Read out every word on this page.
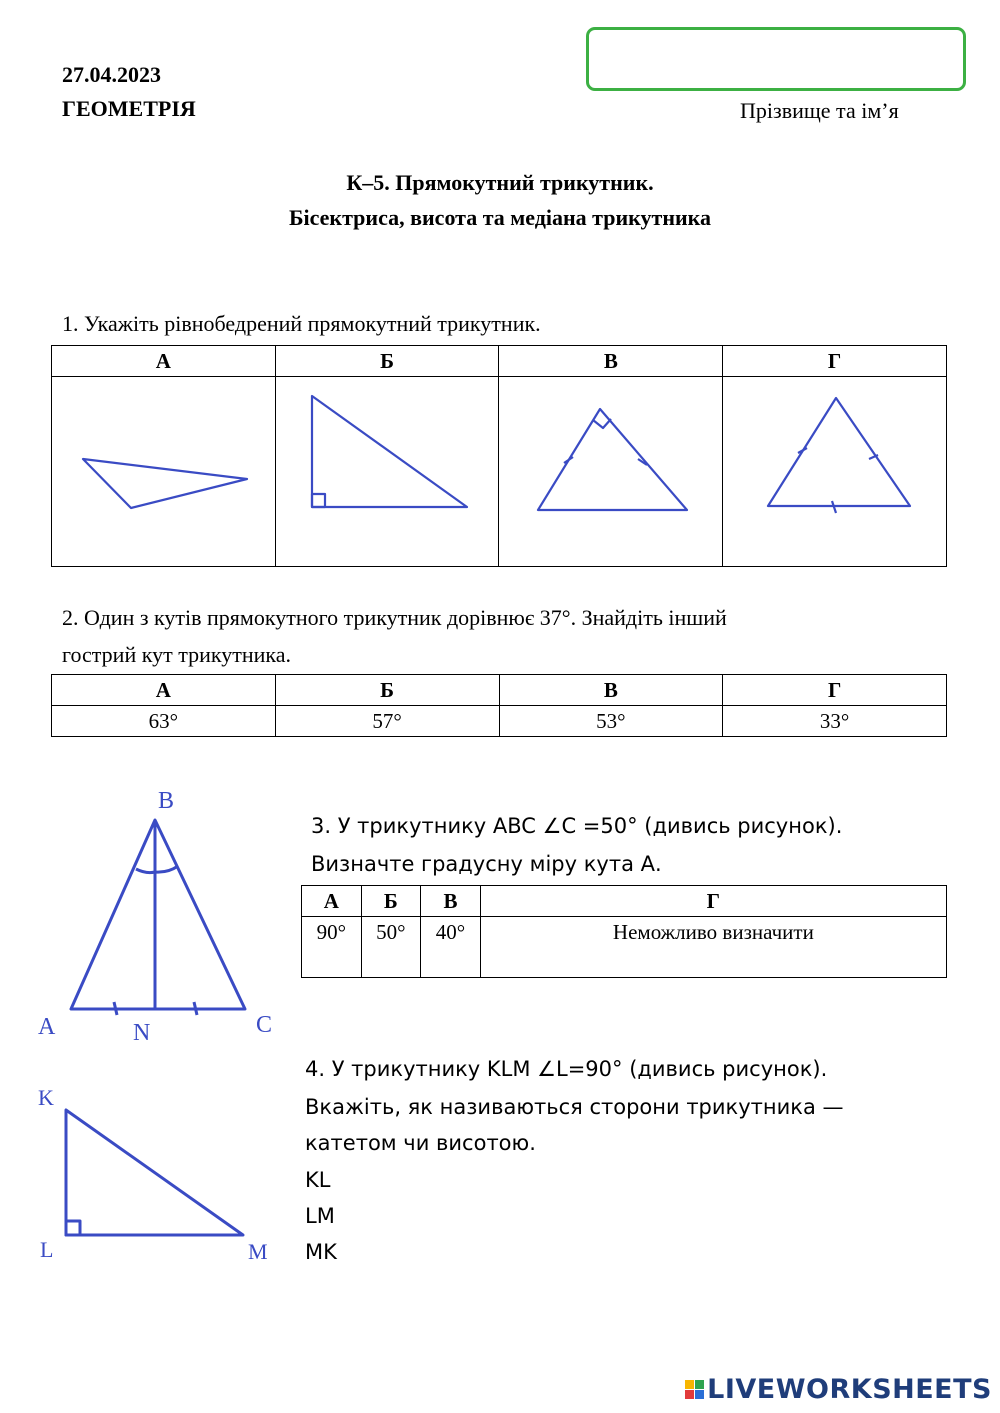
27.04.2023
ГЕОМЕТРІЯ	Прізвище та ім’я
К–5. Прямокутний трикутник.
Бісектриса, висота та медіана трикутника
1. Укажіть рівнобедрений прямокутний трикутник.
А	Б	В	Г

2. Один з кутів прямокутного трикутник дорівнює 37°. Знайдіть інший
гострий кут трикутника.
А	Б	В	Г
63°	57°	53°	33°
B
A	N	C
3. У трикутнику ABC ∠C =50° (дивись рисунок).
Визначте градусну міру кута А.
А	Б	В	Г
90°	50°	40°	Неможливо визначити
K
L	M
4. У трикутнику KLM ∠L=90° (дивись рисунок).
Вкажіть, як називаються сторони трикутника —
катетом чи висотою.
KL
LM
MK
LIVEWORKSHEETS
